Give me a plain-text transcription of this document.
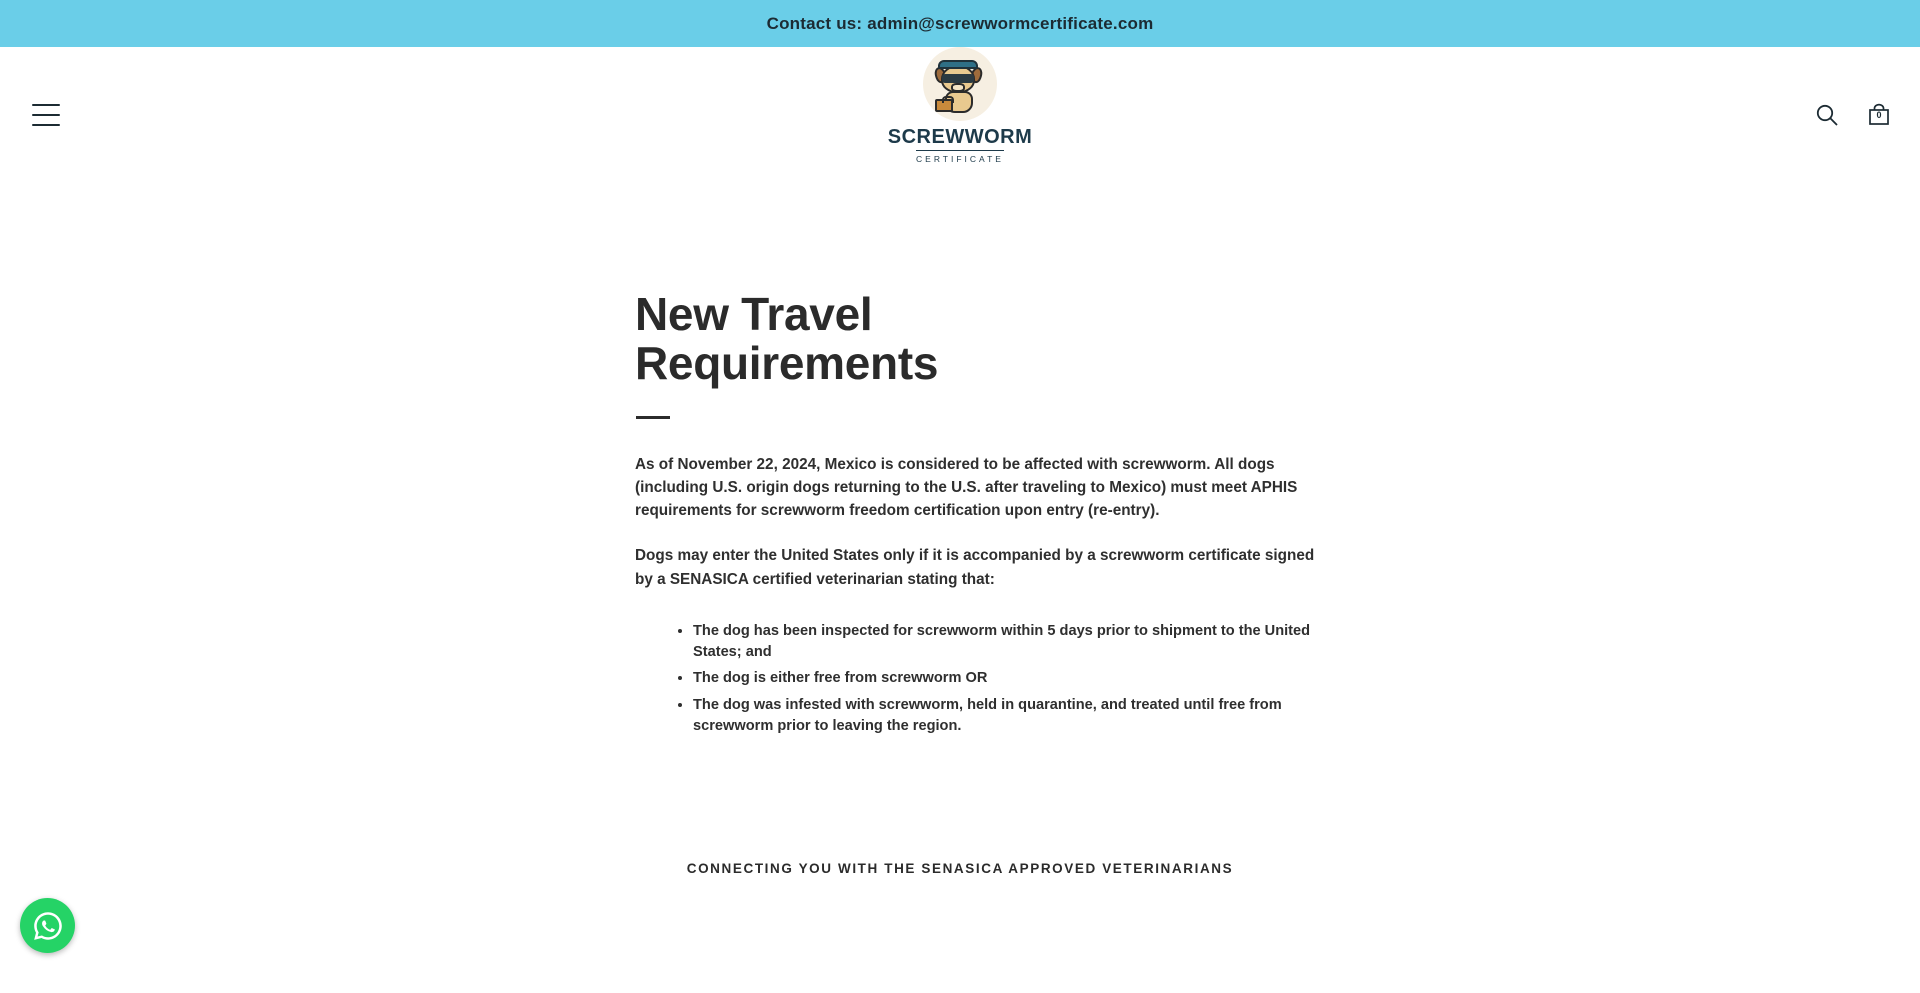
Contact us: admin@screwwormcertificate.com
SCREWWORM
CERTIFICATE
0
New Travel Requirements

As of November 22, 2024, Mexico is considered to be affected with screwworm. All dogs (including U.S. origin dogs returning to the U.S. after traveling to Mexico) must meet APHIS requirements for screwworm freedom certification upon entry (re-entry).

Dogs may enter the United States only if it is accompanied by a screwworm certificate signed by a SENASICA certified veterinarian stating that:

• The dog has been inspected for screwworm within 5 days prior to shipment to the United States; and
• The dog is either free from screwworm OR
• The dog was infested with screwworm, held in quarantine, and treated until free from screwworm prior to leaving the region.
CONNECTING YOU WITH THE SENASICA APPROVED VETERINARIANS
